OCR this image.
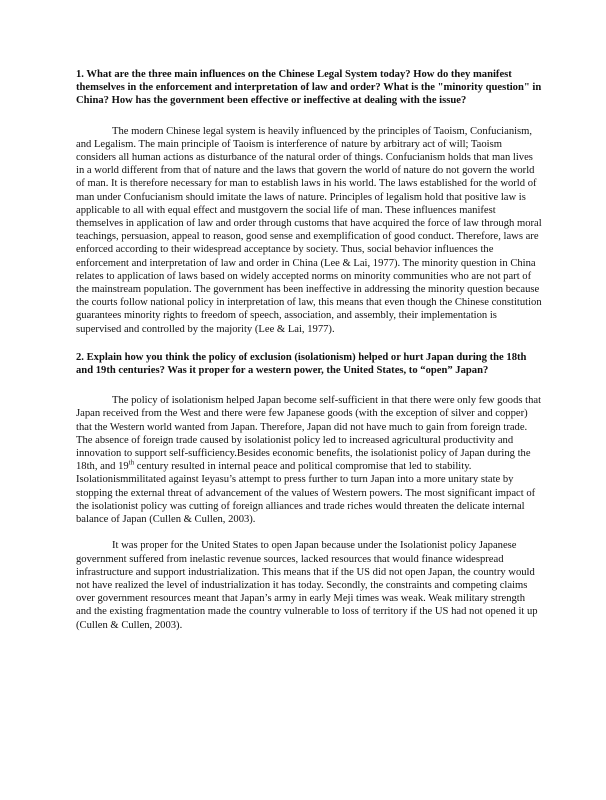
1. What are the three main influences on the Chinese Legal System today? How do they manifest themselves in the enforcement and interpretation of law and order? What is the "minority question" in China? How has the government been effective or ineffective at dealing with the issue?

The modern Chinese legal system is heavily influenced by the principles of Taoism, Confucianism, and Legalism. The main principle of Taoism is interference of nature by arbitrary act of will; Taoism considers all human actions as disturbance of the natural order of things. Confucianism holds that man lives in a world different from that of nature and the laws that govern the world of nature do not govern the world of man. It is therefore necessary for man to establish laws in his world. The laws established for the world of man under Confucianism should imitate the laws of nature. Principles of legalism hold that positive law is applicable to all with equal effect and mustgovern the social life of man. These influences manifest themselves in application of law and order through customs that have acquired the force of law through moral teachings, persuasion, appeal to reason, good sense and exemplification of good conduct. Therefore, laws are enforced according to their widespread acceptance by society. Thus, social behavior influences the enforcement and interpretation of law and order in China (Lee & Lai, 1977). The minority question in China relates to application of laws based on widely accepted norms on minority communities who are not part of the mainstream population. The government has been ineffective in addressing the minority question because the courts follow national policy in interpretation of law, this means that even though the Chinese constitution guarantees minority rights to freedom of speech, association, and assembly, their implementation is supervised and controlled by the majority (Lee & Lai, 1977).

2. Explain how you think the policy of exclusion (isolationism) helped or hurt Japan during the 18th and 19th centuries? Was it proper for a western power, the United States, to “open” Japan?

The policy of isolationism helped Japan become self-sufficient in that there were only few goods that Japan received from the West and there were few Japanese goods (with the exception of silver and copper) that the Western world wanted from Japan. Therefore, Japan did not have much to gain from foreign trade. The absence of foreign trade caused by isolationist policy led to increased agricultural productivity and innovation to support self-sufficiency.Besides economic benefits, the isolationist policy of Japan during the 18th, and 19th century resulted in internal peace and political compromise that led to stability. Isolationismmilitated against Ieyasu’s attempt to press further to turn Japan into a more unitary state by stopping the external threat of advancement of the values of Western powers. The most significant impact of the isolationist policy was cutting of foreign alliances and trade riches would threaten the delicate internal balance of Japan (Cullen & Cullen, 2003).

It was proper for the United States to open Japan because under the Isolationist policy Japanese government suffered from inelastic revenue sources, lacked resources that would finance widespread infrastructure and support industrialization. This means that if the US did not open Japan, the country would not have realized the level of industrialization it has today. Secondly, the constraints and competing claims over government resources meant that Japan’s army in early Meji times was weak. Weak military strength and the existing fragmentation made the country vulnerable to loss of territory if the US had not opened it up (Cullen & Cullen, 2003).
